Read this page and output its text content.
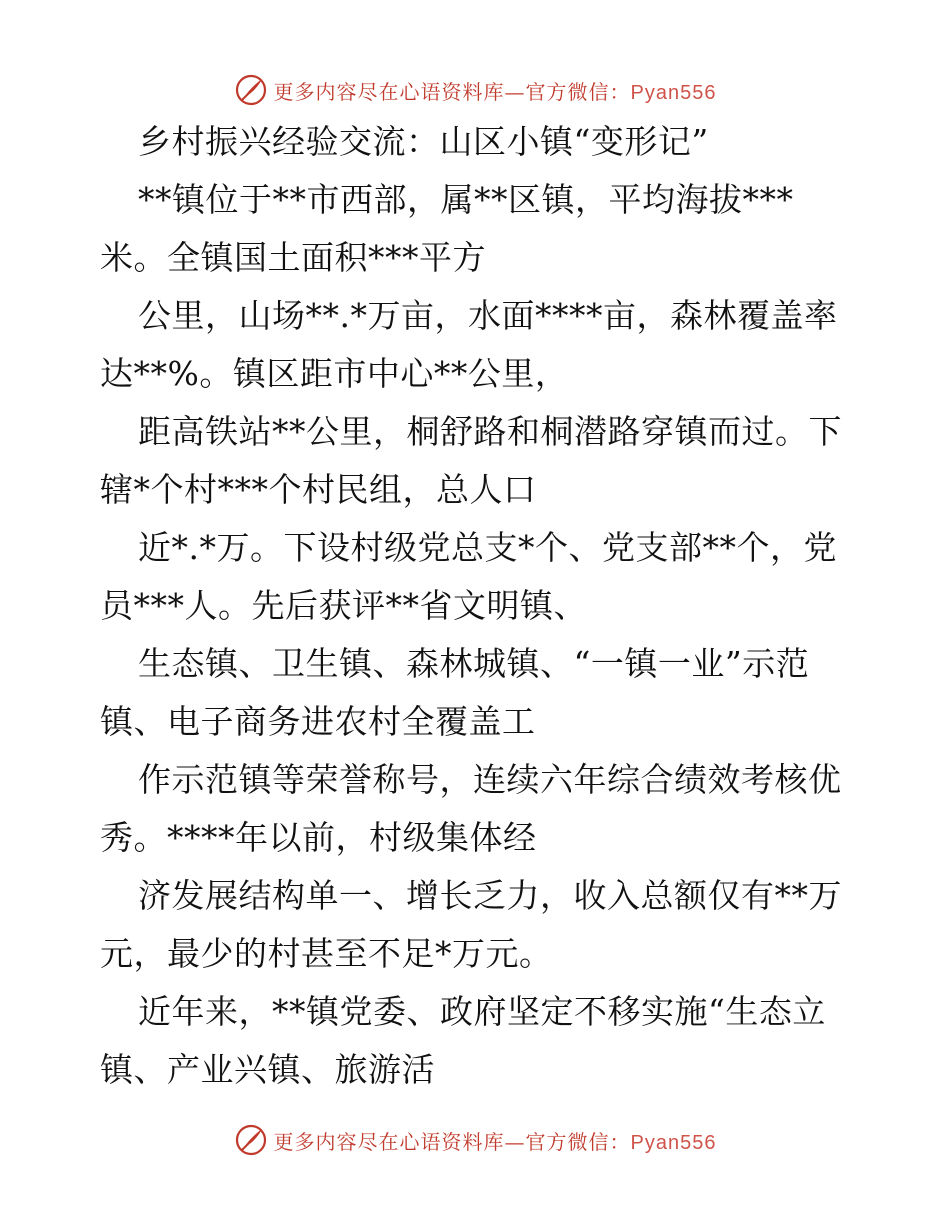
更多内容尽在心语资料库—官方微信：Pyan556
乡村振兴经验交流：山区小镇“变形记”
**镇位于**市西部，属**区镇，平均海拔***
米。全镇国土面积***平方
公里，山场**.*万亩，水面****亩，森林覆盖率
达**%。镇区距市中心**公里，
距高铁站**公里，桐舒路和桐潜路穿镇而过。下
辖*个村***个村民组，总人口
近*.*万。下设村级党总支*个、党支部**个，党
员***人。先后获评**省文明镇、
生态镇、卫生镇、森林城镇、“一镇一业”示范
镇、电子商务进农村全覆盖工
作示范镇等荣誉称号，连续六年综合绩效考核优
秀。****年以前，村级集体经
济发展结构单一、增长乏力，收入总额仅有**万
元，最少的村甚至不足*万元。
近年来，**镇党委、政府坚定不移实施“生态立
镇、产业兴镇、旅游活
更多内容尽在心语资料库—官方微信：Pyan556
